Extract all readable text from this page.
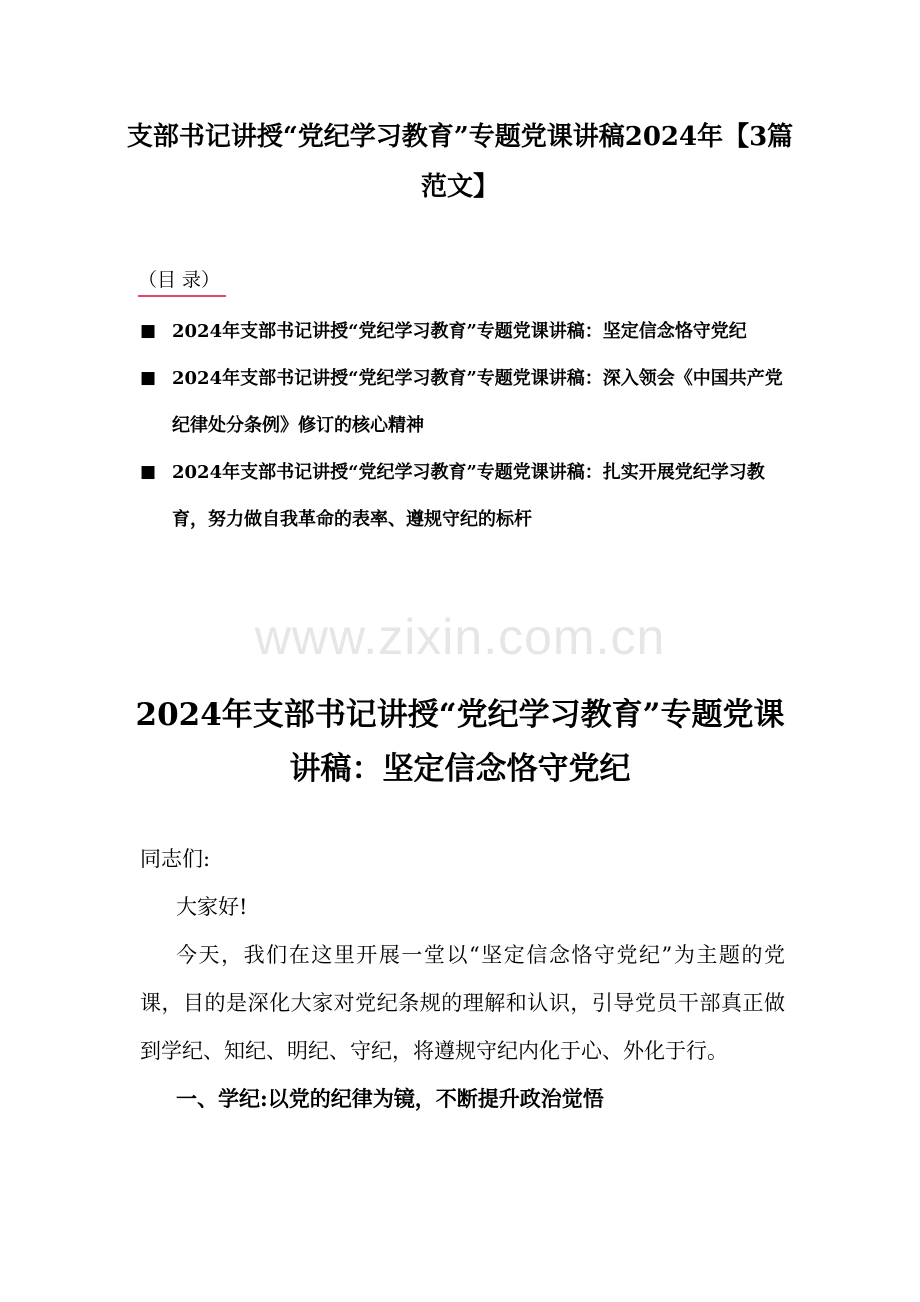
支部书记讲授“党纪学习教育”专题党课讲稿2024年【3篇范文】
（目 录）
■ 2024年支部书记讲授“党纪学习教育”专题党课讲稿：坚定信念恪守党纪
■ 2024年支部书记讲授“党纪学习教育”专题党课讲稿：深入领会《中国共产党纪律处分条例》修订的核心精神
■ 2024年支部书记讲授“党纪学习教育”专题党课讲稿：扎实开展党纪学习教育，努力做自我革命的表率、遵规守纪的标杆
www.zixin.com.cn
2024年支部书记讲授“党纪学习教育”专题党课讲稿：坚定信念恪守党纪

同志们:

大家好!

今天，我们在这里开展一堂以“坚定信念恪守党纪”为主题的党课，目的是深化大家对党纪条规的理解和认识，引导党员干部真正做到学纪、知纪、明纪、守纪，将遵规守纪内化于心、外化于行。

一、学纪:以党的纪律为镜，不断提升政治觉悟
